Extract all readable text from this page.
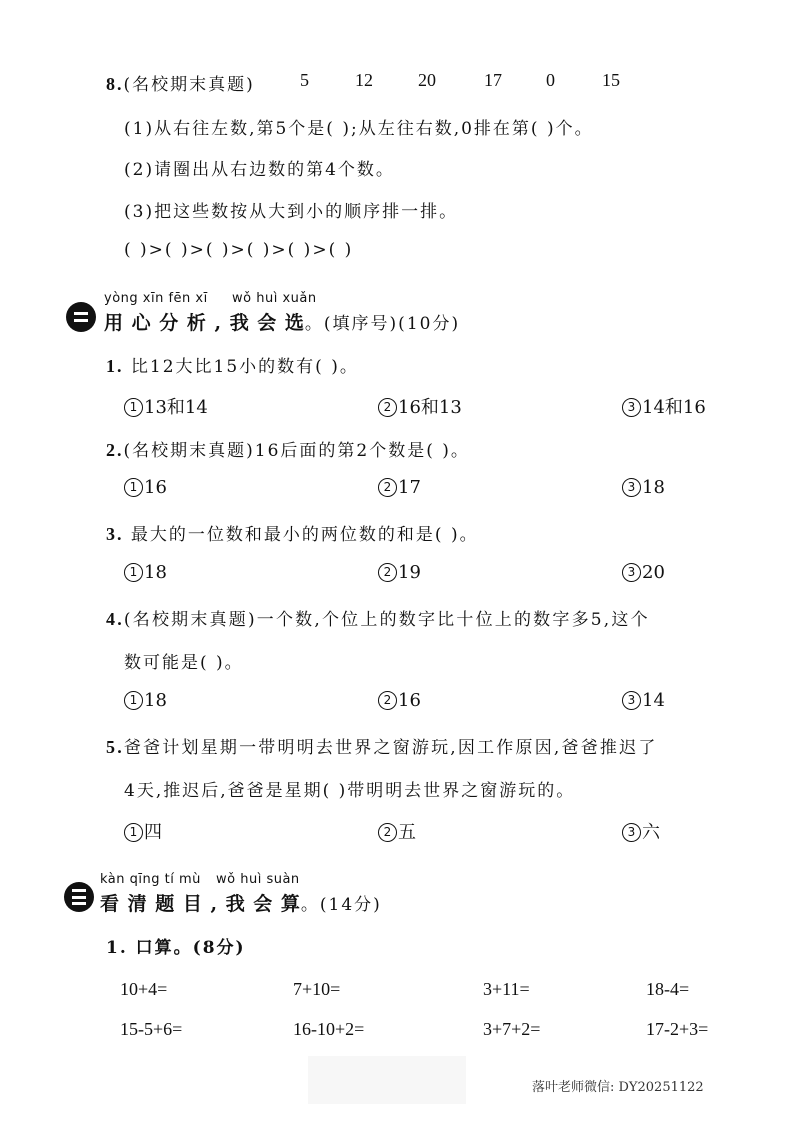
8.(名校期末真题)	5	12	20	17 0	15
(1)从右往左数,第5个是( );从左往右数,0排在第( )个。
(2)请圈出从右边数的第4个数。
(3)把这些数按从大到小的顺序排一排。
( )>( )>( )>( )>( )>( )
yòng xīn fēn xī wǒ huì xuǎn
用 心 分 析 , 我 会 选。(填序号)(10分)
1. 比12大比15小的数有( )。
1 13和14	2 16和13	3 14和16
2.(名校期末真题)16后面的第2个数是( )。
1 16	2 17	3 18
3. 最大的一位数和最小的两位数的和是( )。
1 18	2 19	3 20
4.(名校期末真题)一个数,个位上的数字比十位上的数字多5,这个
数可能是( )。
1 18	2 16	3 14
5.爸爸计划星期一带明明去世界之窗游玩,因工作原因,爸爸推迟了
4天,推迟后,爸爸是星期( )带明明去世界之窗游玩的。
1 四	2 五	3 六
kàn qīng tí mù wǒ huì suàn
看 清 题 目 , 我 会 算。(14分)
1. 口算。(8分)
10+4=	7+10=	3+11=	18-4=
15-5+6=	16-10+2=	3+7+2=	17-2+3=
落叶老师微信: DY20251122
